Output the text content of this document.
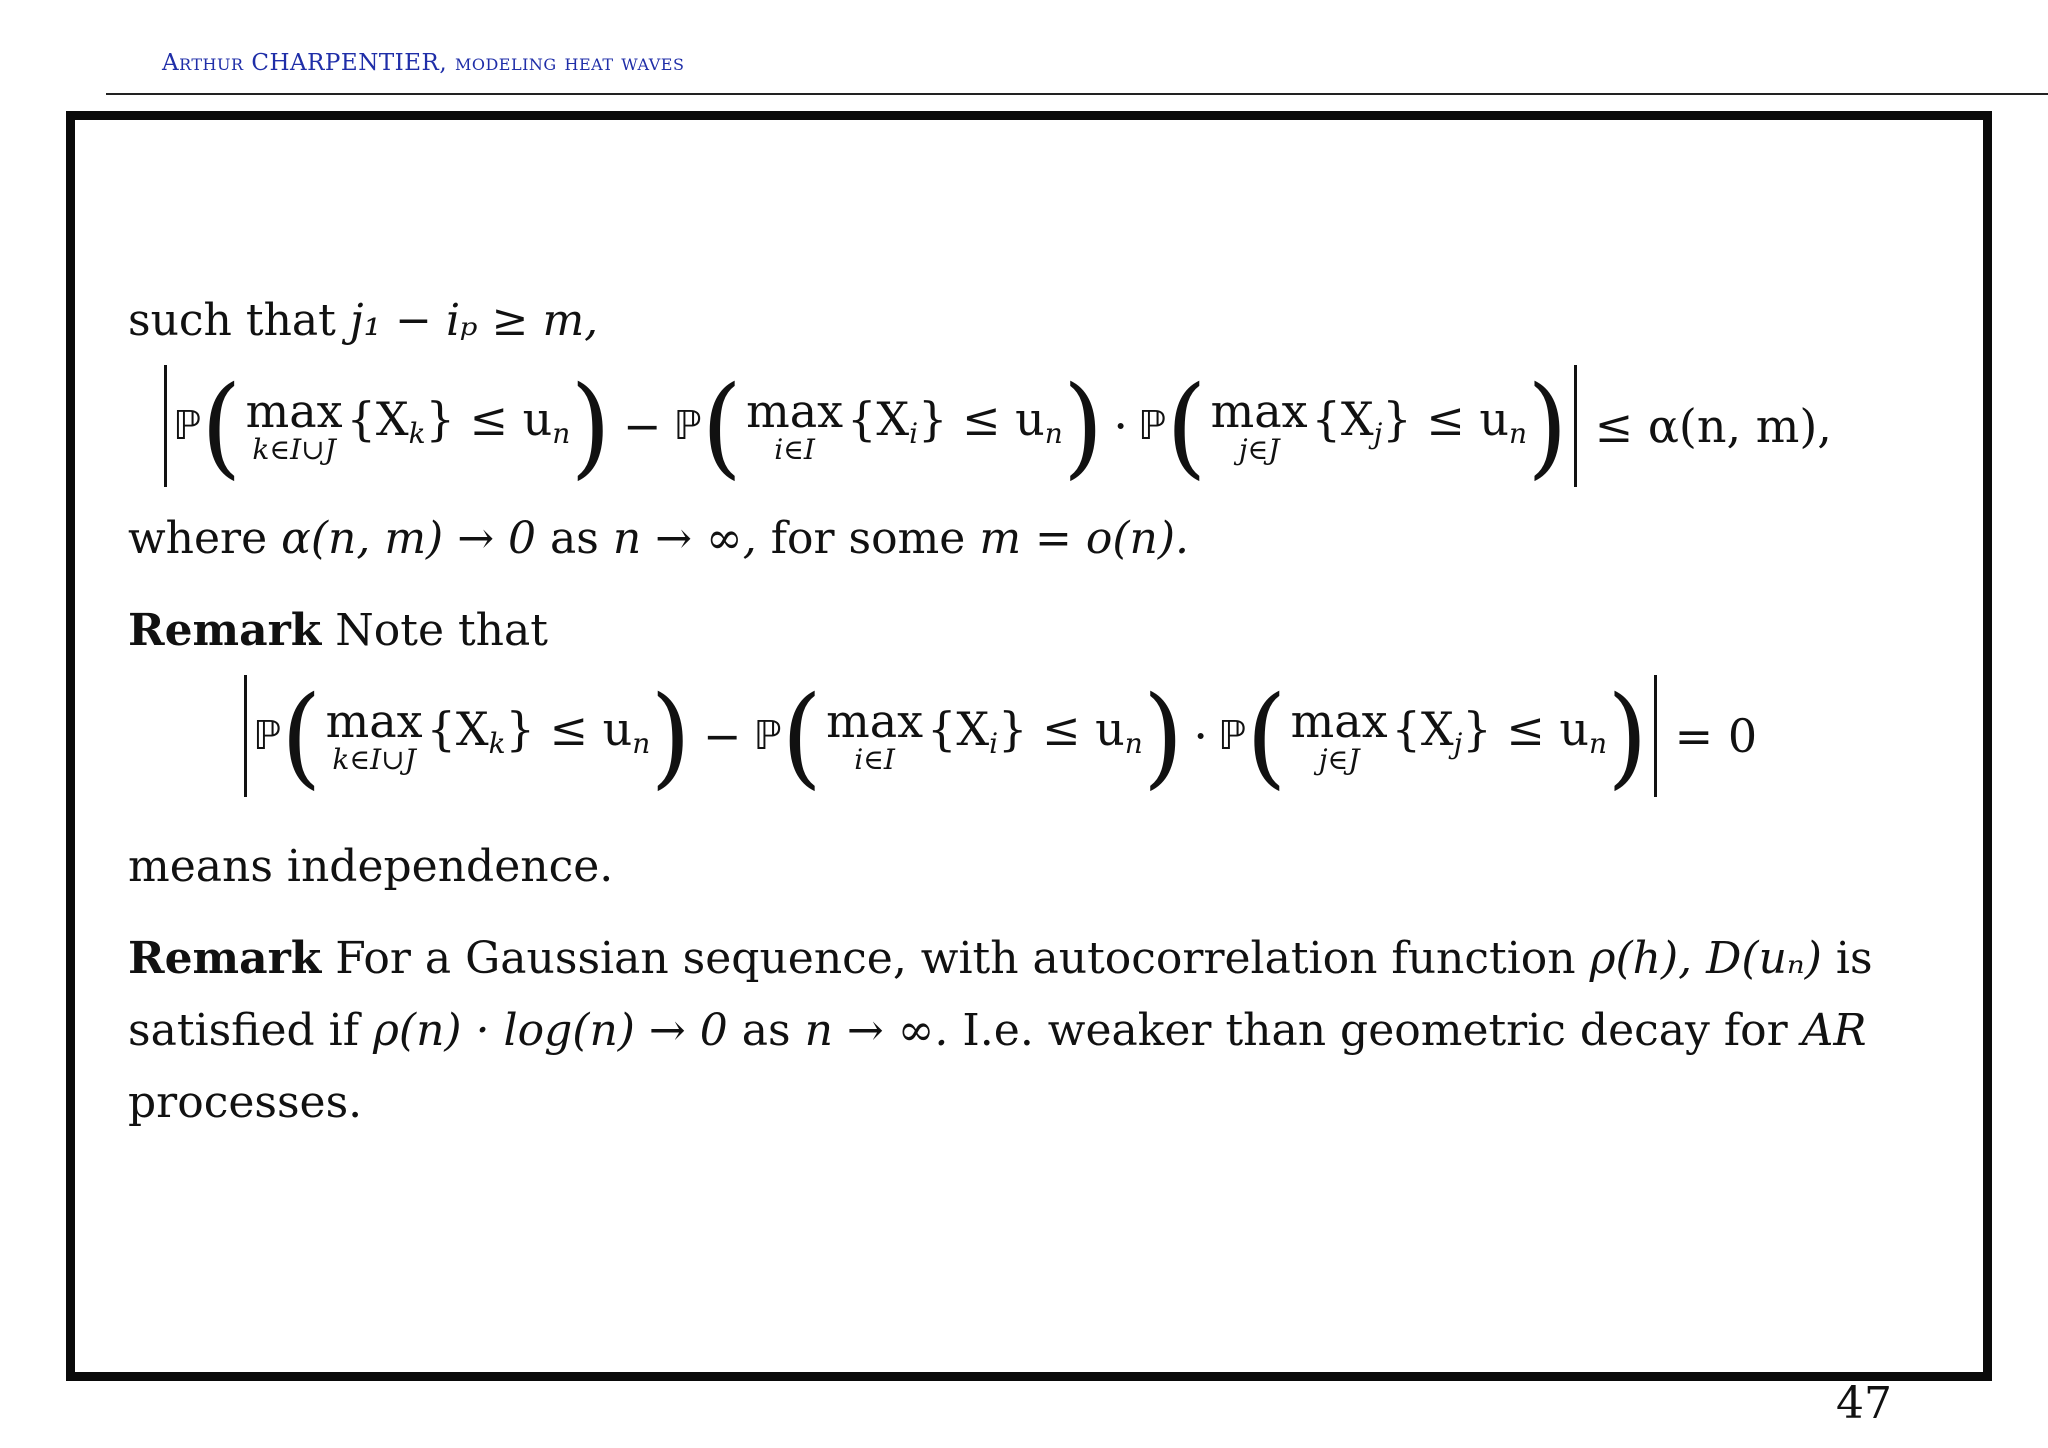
Arthur CHARPENTIER, modeling heat waves

such that j₁ − iₚ ≥ m,

ℙ ( max
k∈I∪J
{Xk} ≤ un ) − ℙ ( max
i∈I
{Xi} ≤ un ) · ℙ ( max
j∈J
{Xj} ≤ un ) ≤ α(n, m),

where α(n, m) → 0 as n → ∞, for some m = o(n).

Remark Note that

ℙ ( max
k∈I∪J
{Xk} ≤ un ) − ℙ ( max
i∈I
{Xi} ≤ un ) · ℙ ( max
j∈J
{Xj} ≤ un ) = 0

means independence.

Remark For a Gaussian sequence, with autocorrelation function ρ(h), D(uₙ) is
satisfied if ρ(n) · log(n) → 0 as n → ∞. I.e. weaker than geometric decay for AR
processes.

47
